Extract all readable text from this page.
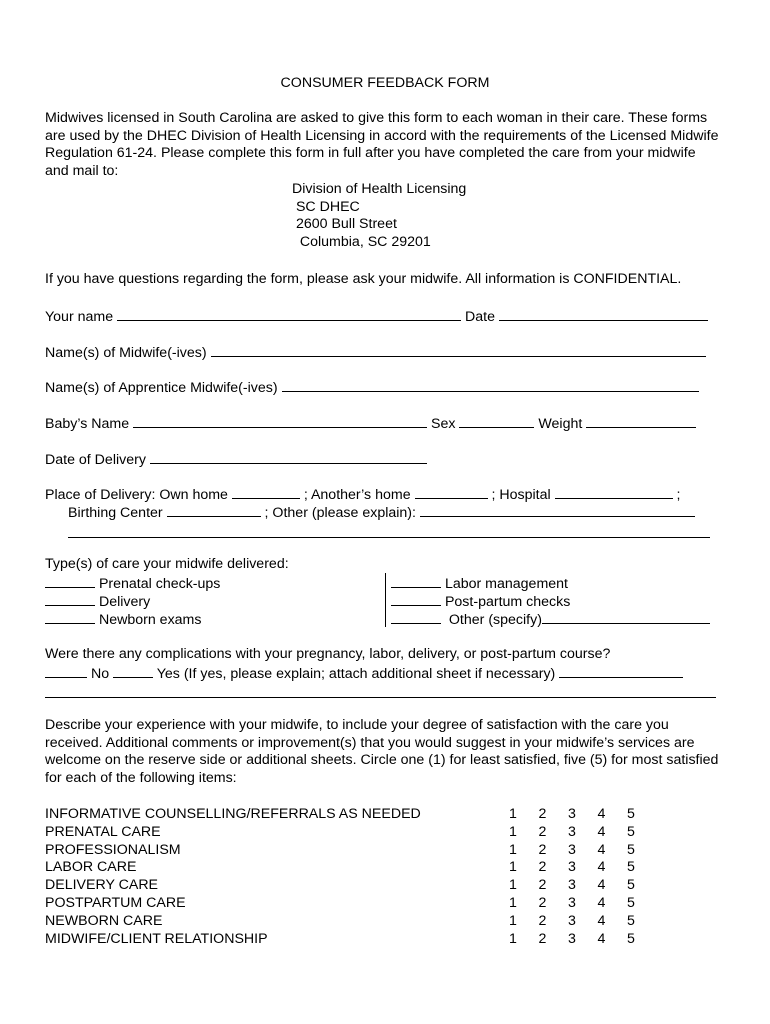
CONSUMER FEEDBACK FORM
Midwives licensed in South Carolina are asked to give this form to each woman in their care. These forms are used by the DHEC Division of Health Licensing in accord with the requirements of the Licensed Midwife Regulation 61-24. Please complete this form in full after you have completed the care from your midwife and mail to:
Division of Health Licensing
SC DHEC
2600 Bull Street
Columbia, SC 29201
If you have questions regarding the form, please ask your midwife. All information is CONFIDENTIAL.
Your name	Date
Name(s) of Midwife(-ives)
Name(s) of Apprentice Midwife(-ives)
Baby’s Name	Sex	Weight
Date of Delivery
Place of Delivery: Own home	; Another’s home	; Hospital	;
Birthing Center	; Other (please explain):
Type(s) of care your midwife delivered:
Prenatal check-ups
Delivery
Newborn exams
Labor management
Post-partum checks
Other (specify)
Were there any complications with your pregnancy, labor, delivery, or post-partum course?
No	Yes (If yes, please explain; attach additional sheet if necessary)
Describe your experience with your midwife, to include your degree of satisfaction with the care you received. Additional comments or improvement(s) that you would suggest in your midwife’s services are welcome on the reserve side or additional sheets. Circle one (1) for least satisfied, five (5) for most satisfied for each of the following items:
INFORMATIVE COUNSELLING/REFERRALS AS NEEDED	1 2 3 4 5
PRENATAL CARE	1 2 3 4 5
PROFESSIONALISM	1 2 3 4 5
LABOR CARE	1 2 3 4 5
DELIVERY CARE	1 2 3 4 5
POSTPARTUM CARE	1 2 3 4 5
NEWBORN CARE	1 2 3 4 5
MIDWIFE/CLIENT RELATIONSHIP	1 2 3 4 5
